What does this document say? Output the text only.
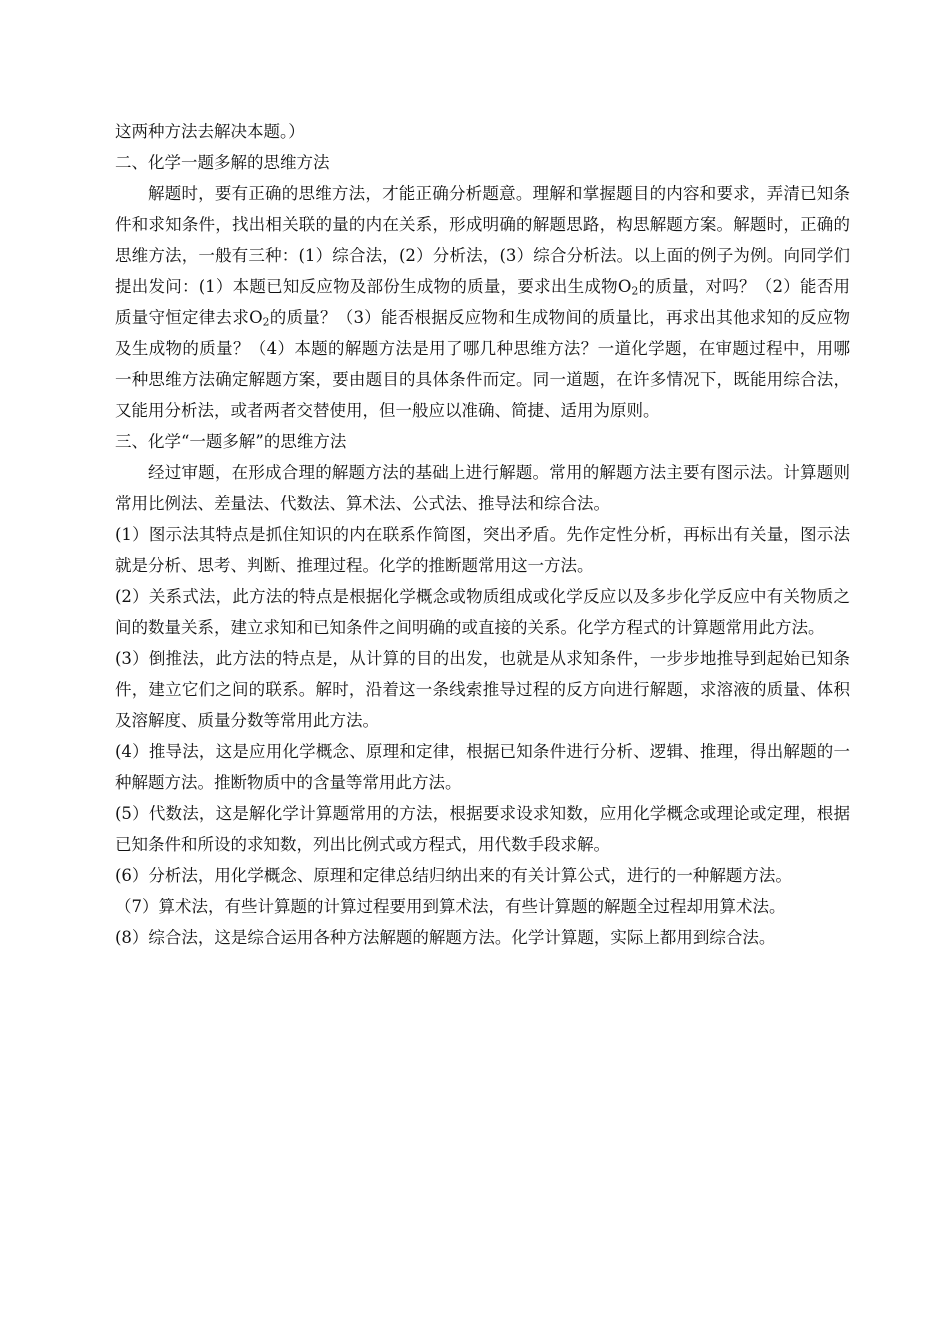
这两种方法去解决本题。）

二、化学一题多解的思维方法

解题时，要有正确的思维方法，才能正确分析题意。理解和掌握题目的内容和要求，弄清已知条件和求知条件，找出相关联的量的内在关系，形成明确的解题思路，构思解题方案。解题时，正确的思维方法，一般有三种：(1）综合法，(2）分析法，(3）综合分析法。以上面的例子为例。向同学们提出发问：(1）本题已知反应物及部份生成物的质量，要求出生成物$O_2$的质量，对吗？（2）能否用质量守恒定律去求$O_2$的质量？（3）能否根据反应物和生成物间的质量比，再求出其他求知的反应物及生成物的质量？（4）本题的解题方法是用了哪几种思维方法？一道化学题，在审题过程中，用哪一种思维方法确定解题方案，要由题目的具体条件而定。同一道题，在许多情况下，既能用综合法，又能用分析法，或者两者交替使用，但一般应以准确、简捷、适用为原则。

三、化学“一题多解”的思维方法

经过审题，在形成合理的解题方法的基础上进行解题。常用的解题方法主要有图示法。计算题则常用比例法、差量法、代数法、算术法、公式法、推导法和综合法。

(1）图示法其特点是抓住知识的内在联系作简图，突出矛盾。先作定性分析，再标出有关量，图示法就是分析、思考、判断、推理过程。化学的推断题常用这一方法。

(2）关系式法，此方法的特点是根据化学概念或物质组成或化学反应以及多步化学反应中有关物质之间的数量关系，建立求知和已知条件之间明确的或直接的关系。化学方程式的计算题常用此方法。

(3）倒推法，此方法的特点是，从计算的目的出发，也就是从求知条件，一步步地推导到起始已知条件，建立它们之间的联系。解时，沿着这一条线索推导过程的反方向进行解题，求溶液的质量、体积及溶解度、质量分数等常用此方法。

(4）推导法，这是应用化学概念、原理和定律，根据已知条件进行分析、逻辑、推理，得出解题的一种解题方法。推断物质中的含量等常用此方法。

(5）代数法，这是解化学计算题常用的方法，根据要求设求知数，应用化学概念或理论或定理，根据已知条件和所设的求知数，列出比例式或方程式，用代数手段求解。

(6）分析法，用化学概念、原理和定律总结归纳出来的有关计算公式，进行的一种解题方法。

（7）算术法，有些计算题的计算过程要用到算术法，有些计算题的解题全过程却用算术法。

(8）综合法，这是综合运用各种方法解题的解题方法。化学计算题，实际上都用到综合法。
